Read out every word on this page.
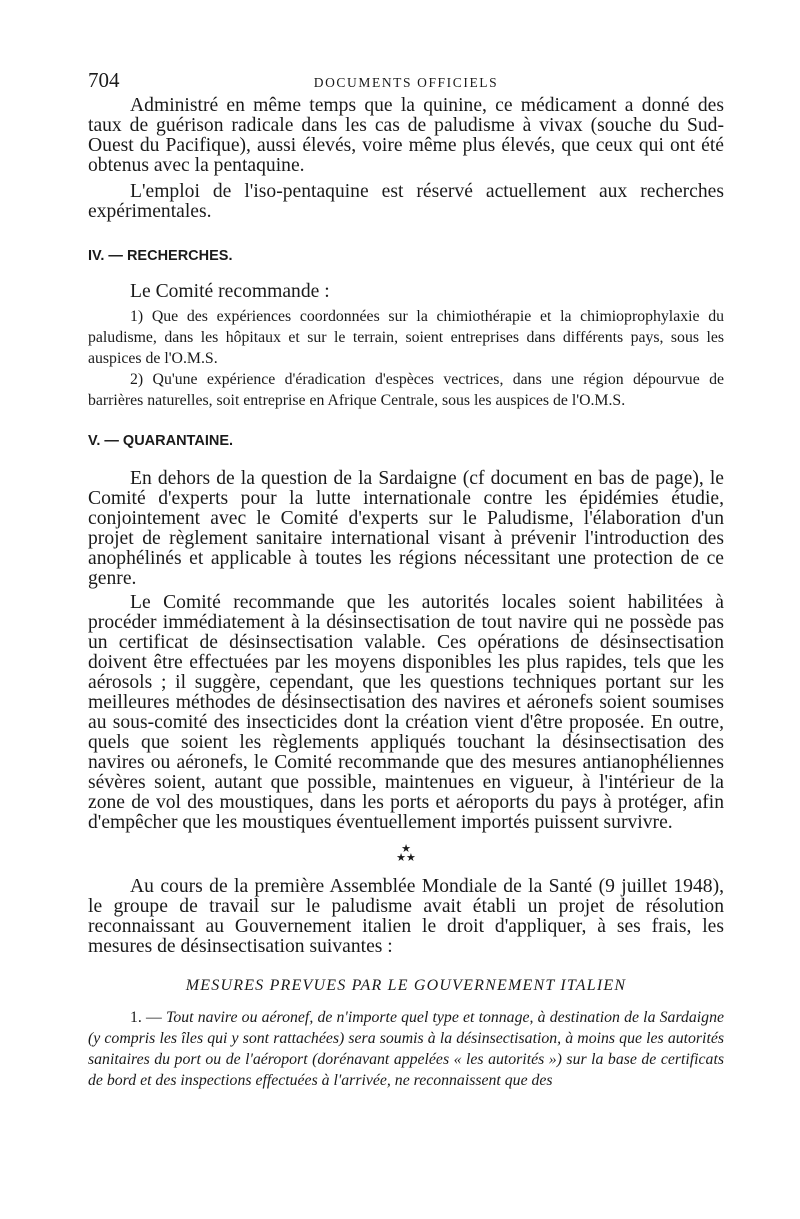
704	DOCUMENTS OFFICIELS

Administré en même temps que la quinine, ce médicament a donné des taux de guérison radicale dans les cas de paludisme à vivax (souche du Sud-Ouest du Pacifique), aussi élevés, voire même plus élevés, que ceux qui ont été obtenus avec la pentaquine.

L'emploi de l'iso-pentaquine est réservé actuellement aux recherches expérimentales.

IV. — RECHERCHES.

Le Comité recommande :

1) Que des expériences coordonnées sur la chimiothérapie et la chimioprophylaxie du paludisme, dans les hôpitaux et sur le terrain, soient entreprises dans différents pays, sous les auspices de l'O.M.S.

2) Qu'une expérience d'éradication d'espèces vectrices, dans une région dépourvue de barrières naturelles, soit entreprise en Afrique Centrale, sous les auspices de l'O.M.S.

V. — QUARANTAINE.

En dehors de la question de la Sardaigne (cf document en bas de page), le Comité d'experts pour la lutte internationale contre les épidémies étudie, conjointement avec le Comité d'experts sur le Paludisme, l'élaboration d'un projet de règlement sanitaire international visant à prévenir l'introduction des anophélinés et applicable à toutes les régions nécessitant une protection de ce genre.

Le Comité recommande que les autorités locales soient habilitées à procéder immédiatement à la désinsectisation de tout navire qui ne possède pas un certificat de désinsectisation valable. Ces opérations de désinsectisation doivent être effectuées par les moyens disponibles les plus rapides, tels que les aérosols ; il suggère, cependant, que les questions techniques portant sur les meilleures méthodes de désinsectisation des navires et aéronefs soient soumises au sous-comité des insecticides dont la création vient d'être proposée. En outre, quels que soient les règlements appliqués touchant la désinsectisation des navires ou aéronefs, le Comité recommande que des mesures antianophéliennes sévères soient, autant que possible, maintenues en vigueur, à l'intérieur de la zone de vol des moustiques, dans les ports et aéroports du pays à protéger, afin d'empêcher que les moustiques éventuellement importés puissent survivre.

★
★★

Au cours de la première Assemblée Mondiale de la Santé (9 juillet 1948), le groupe de travail sur le paludisme avait établi un projet de résolution reconnaissant au Gouvernement italien le droit d'appliquer, à ses frais, les mesures de désinsectisation suivantes :

MESURES PREVUES PAR LE GOUVERNEMENT ITALIEN

1. — Tout navire ou aéronef, de n'importe quel type et tonnage, à destination de la Sardaigne (y compris les îles qui y sont rattachées) sera soumis à la désinsectisation, à moins que les autorités sanitaires du port ou de l'aéroport (dorénavant appelées « les autorités ») sur la base de certificats de bord et des inspections effectuées à l'arrivée, ne reconnaissent que des
